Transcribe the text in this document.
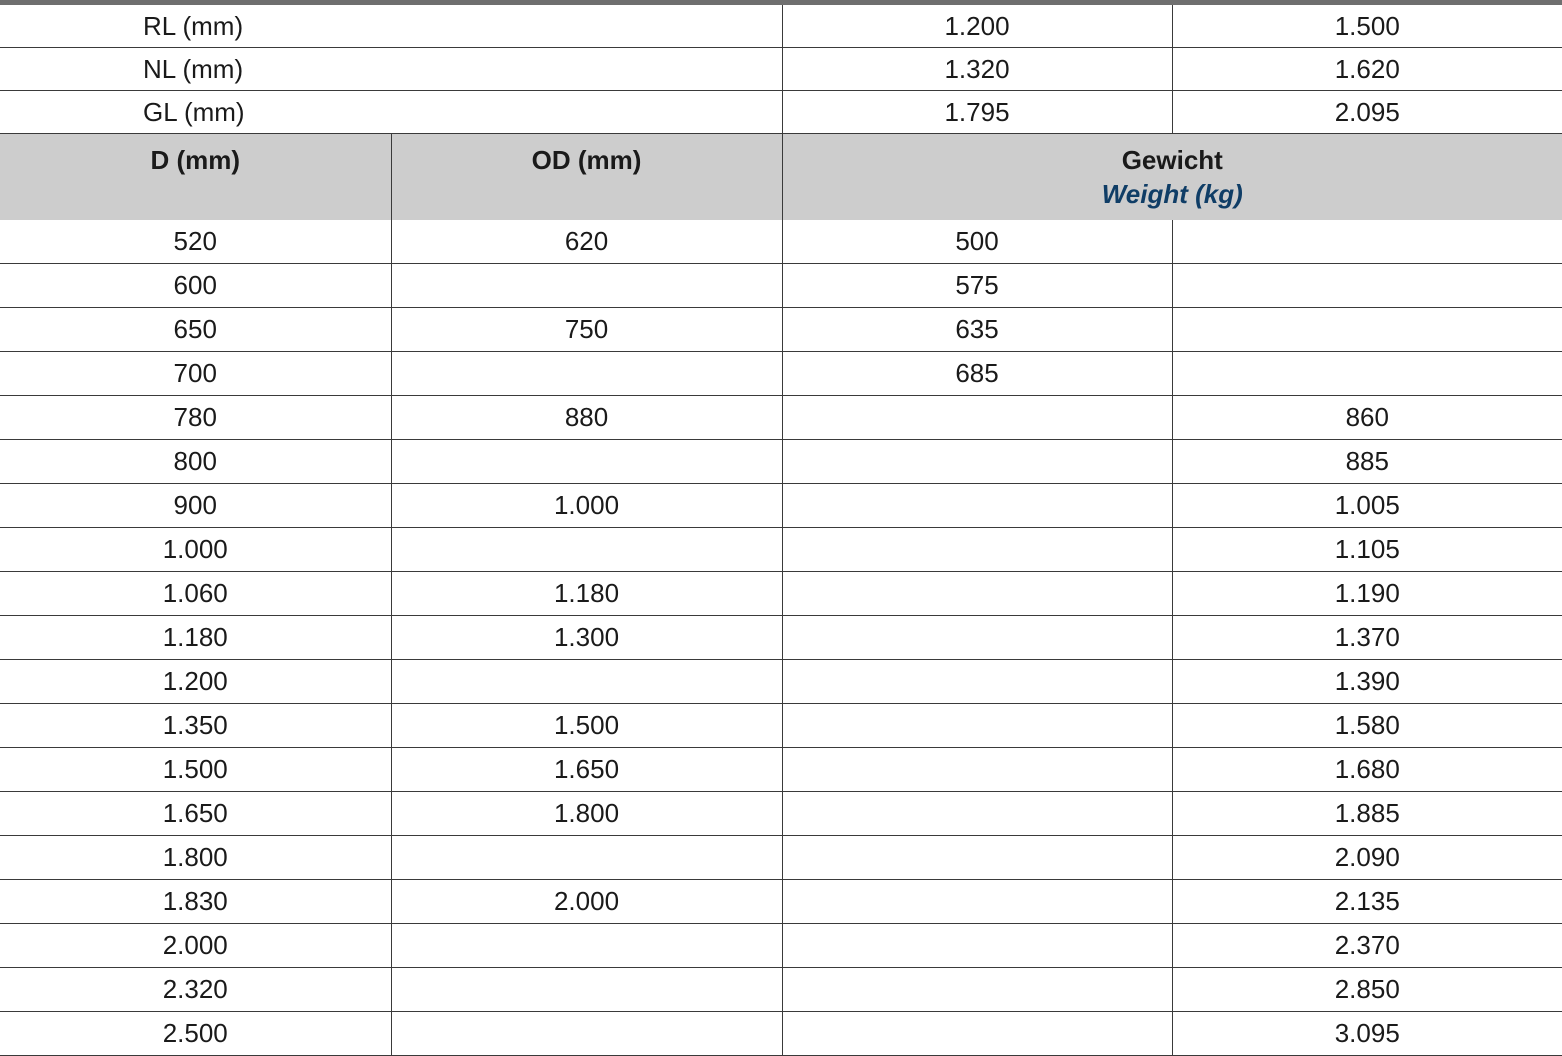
RL (mm)		1.200	1.500
NL (mm)		1.320	1.620
GL (mm)		1.795	2.095
D (mm)	OD (mm)	Gewicht
Weight (kg)	

520	620	500	
600		575	
650	750	635	
700		685	
780	880		860
800			885
900	1.000		1.005
1.000			1.105
1.060	1.180		1.190
1.180	1.300		1.370
1.200			1.390
1.350	1.500		1.580
1.500	1.650		1.680
1.650	1.800		1.885
1.800			2.090
1.830	2.000		2.135
2.000			2.370
2.320			2.850
2.500			3.095
